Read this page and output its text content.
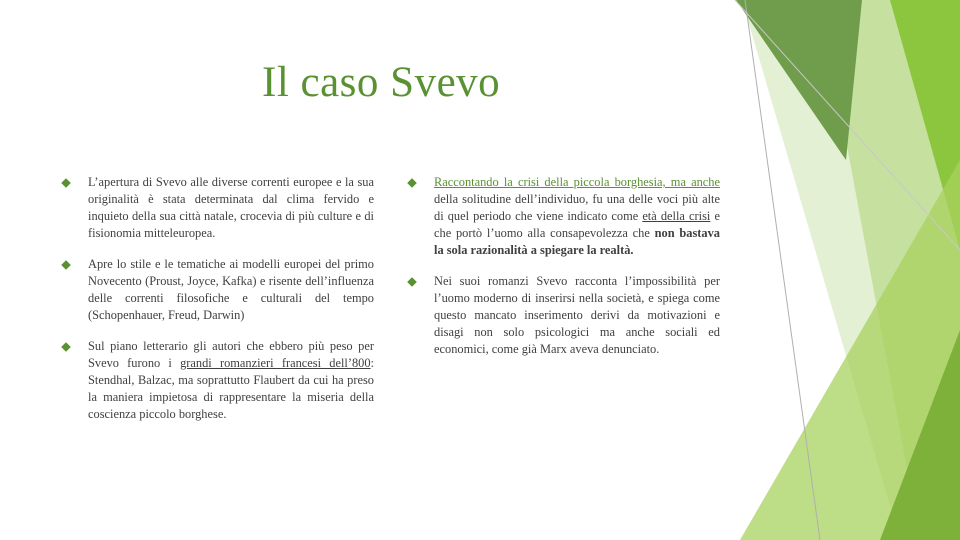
Il caso Svevo
L’apertura di Svevo alle diverse correnti europee e la sua originalità è stata determinata dal clima fervido e inquieto della sua città natale, crocevia di più culture e di fisionomia mitteleuropea.
Apre lo stile e le tematiche ai modelli europei del primo Novecento (Proust, Joyce, Kafka) e risente dell’influenza delle correnti filosofiche e culturali del tempo (Schopenhauer, Freud, Darwin)
Sul piano letterario gli autori che ebbero più peso per Svevo furono i grandi romanzieri francesi dell’800: Stendhal, Balzac, ma soprattutto Flaubert da cui ha preso la maniera impietosa di rappresentare la miseria della coscienza piccolo borghese.
Raccontando la crisi della piccola borghesia, ma anche della solitudine dell’individuo, fu una delle voci più alte di quel periodo che viene indicato come età della crisi e che portò l’uomo alla consapevolezza che non bastava la sola razionalità a spiegare la realtà.
Nei suoi romanzi Svevo racconta l’impossibilità per l’uomo moderno di inserirsi nella società, e spiega come questo mancato inserimento derivi da motivazioni e disagi non solo psicologici ma anche sociali ed economici, come già Marx aveva denunciato.
